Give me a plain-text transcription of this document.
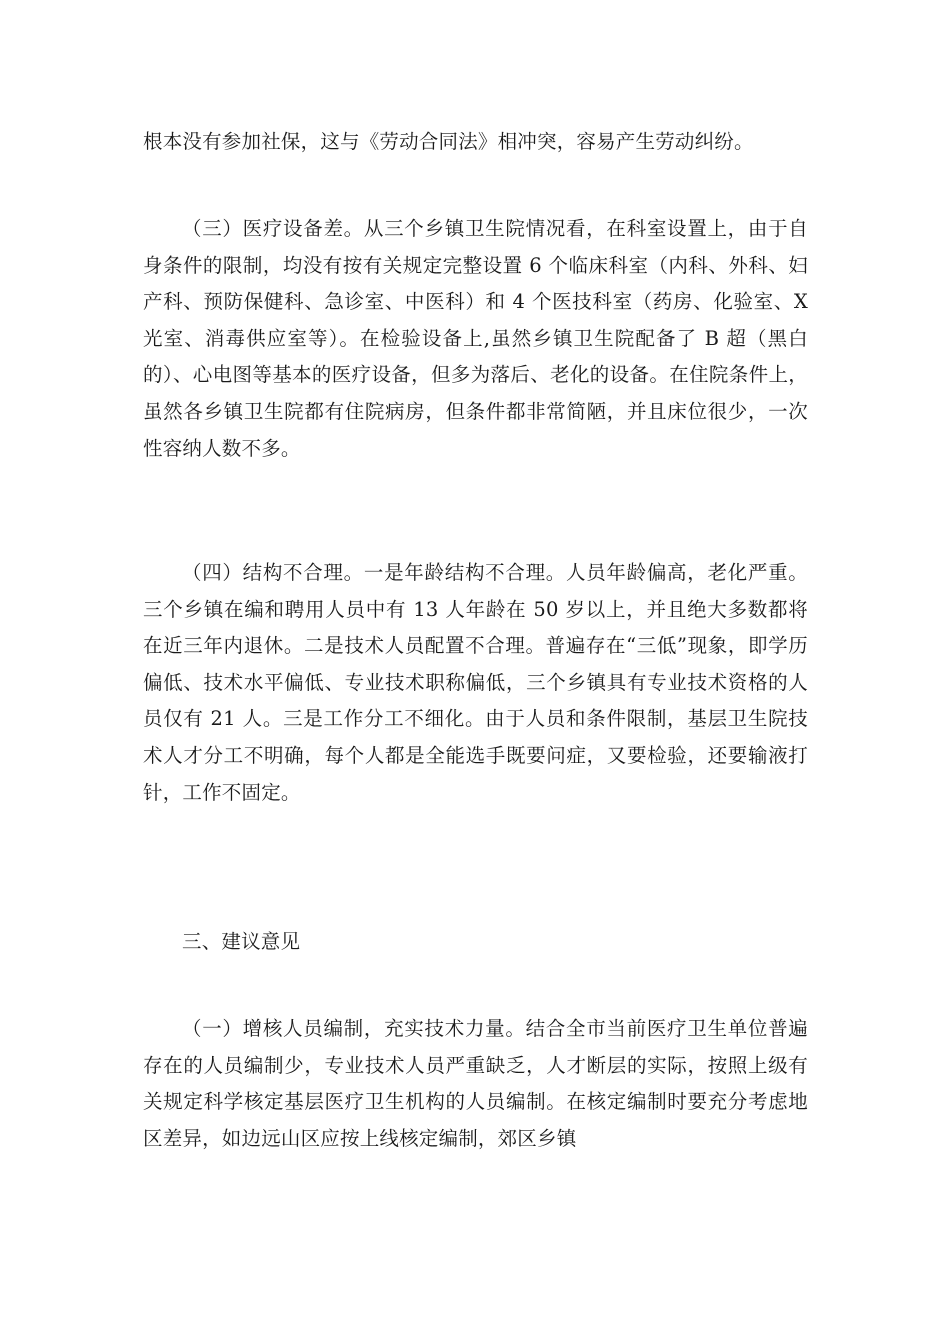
根本没有参加社保，这与《劳动合同法》相冲突，容易产生劳动纠纷。

（三）医疗设备差。从三个乡镇卫生院情况看，在科室设置上，由于自身条件的限制，均没有按有关规定完整设置 6 个临床科室（内科、外科、妇产科、预防保健科、急诊室、中医科）和 4 个医技科室（药房、化验室、X 光室、消毒供应室等）。在检验设备上,虽然乡镇卫生院配备了 B 超（黑白的）、心电图等基本的医疗设备，但多为落后、老化的设备。在住院条件上，虽然各乡镇卫生院都有住院病房，但条件都非常简陋，并且床位很少，一次性容纳人数不多。

（四）结构不合理。一是年龄结构不合理。人员年龄偏高，老化严重。三个乡镇在编和聘用人员中有 13 人年龄在 50 岁以上，并且绝大多数都将在近三年内退休。二是技术人员配置不合理。普遍存在“三低”现象，即学历偏低、技术水平偏低、专业技术职称偏低，三个乡镇具有专业技术资格的人员仅有 21 人。三是工作分工不细化。由于人员和条件限制，基层卫生院技术人才分工不明确，每个人都是全能选手既要问症，又要检验，还要输液打针，工作不固定。

三、建议意见

（一）增核人员编制，充实技术力量。结合全市当前医疗卫生单位普遍存在的人员编制少，专业技术人员严重缺乏，人才断层的实际，按照上级有关规定科学核定基层医疗卫生机构的人员编制。在核定编制时要充分考虑地区差异，如边远山区应按上线核定编制，郊区乡镇
